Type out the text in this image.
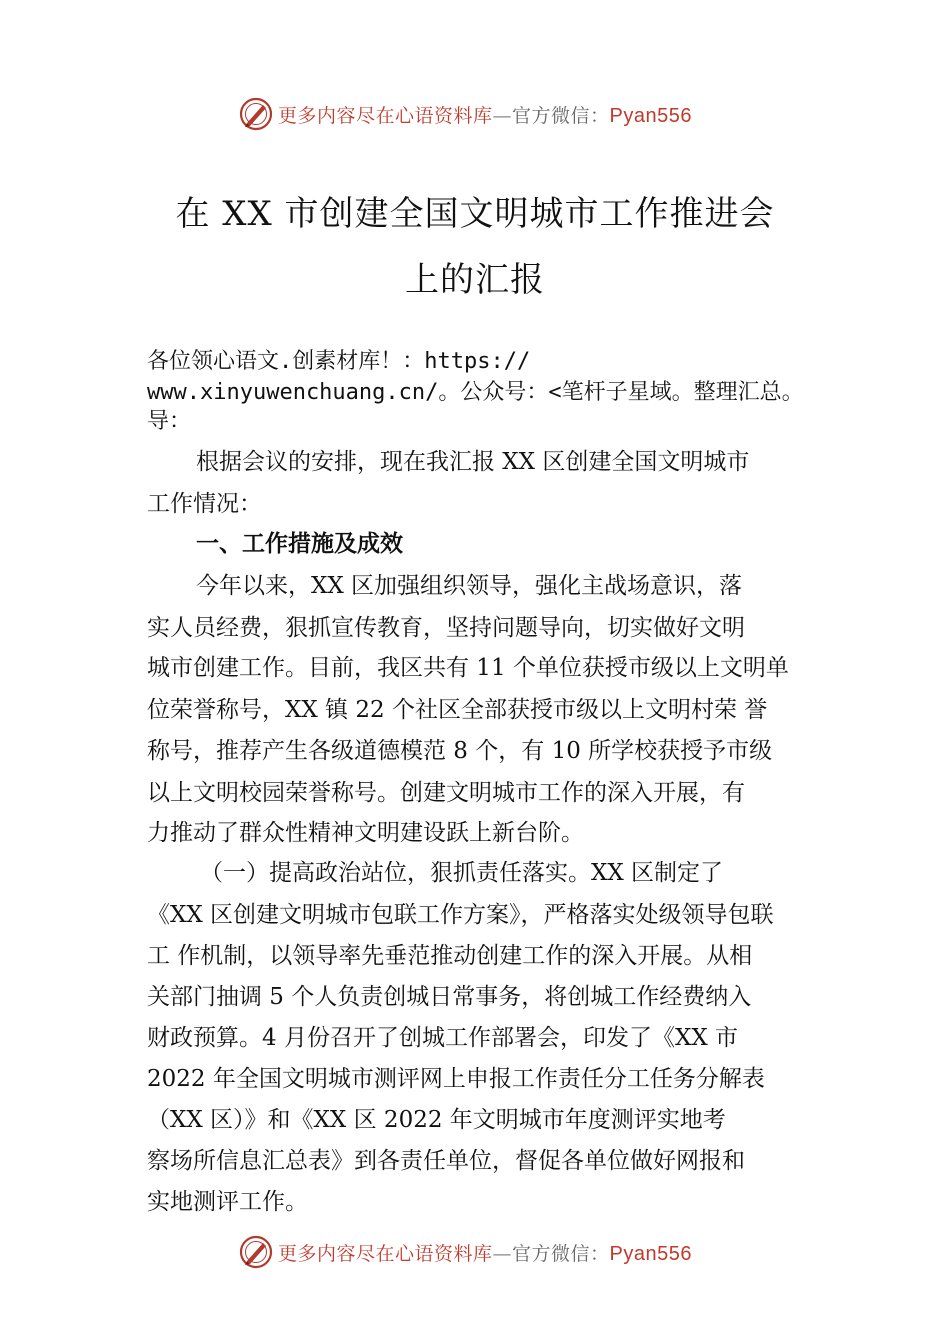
更多内容尽在心语资料库—官方微信：Pyan556
在 XX 市创建全国文明城市工作推进会
上的汇报
各位领心语文.创素材库！：https://
www.xinyuwenchuang.cn/。公众号：<笔杆子星域。整理汇总。
导：
根据会议的安排，现在我汇报 XX 区创建全国文明城市
工作情况：
一、工作措施及成效
今年以来，XX 区加强组织领导，强化主战场意识，落
实人员经费，狠抓宣传教育，坚持问题导向，切实做好文明
城市创建工作。目前，我区共有 11 个单位获授市级以上文明单
位荣誉称号，XX 镇 22 个社区全部获授市级以上文明村荣 誉
称号，推荐产生各级道德模范 8 个，有 10 所学校获授予市级
以上文明校园荣誉称号。创建文明城市工作的深入开展，有
力推动了群众性精神文明建设跃上新台阶。
（一）提高政治站位，狠抓责任落实。XX 区制定了
《XX 区创建文明城市包联工作方案》，严格落实处级领导包联
工 作机制，以领导率先垂范推动创建工作的深入开展。从相
关部门抽调 5 个人负责创城日常事务，将创城工作经费纳入
财政预算。4 月份召开了创城工作部署会，印发了《XX 市
2022 年全国文明城市测评网上申报工作责任分工任务分解表
（XX 区）》和《XX 区 2022 年文明城市年度测评实地考
察场所信息汇总表》到各责任单位，督促各单位做好网报和
实地测评工作。
更多内容尽在心语资料库—官方微信：Pyan556
